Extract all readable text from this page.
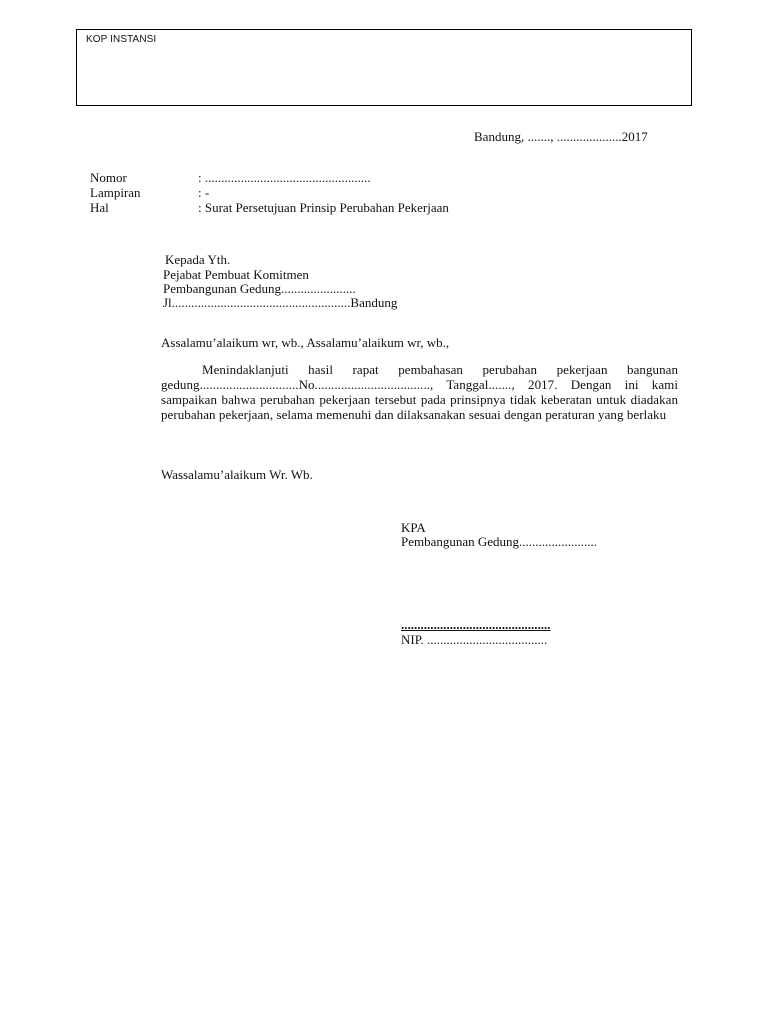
KOP INSTANSI
Bandung, ......., ....................2017
Nomor	: ...................................................
Lampiran	: -
Hal	: Surat Persetujuan Prinsip Perubahan Pekerjaan
Kepada Yth.
Pejabat Pembuat Komitmen
Pembangunan Gedung.......................
Jl.......................................................Bandung
Assalamu’alaikum wr, wb., Assalamu’alaikum wr, wb.,
Menindaklanjuti hasil rapat pembahasan perubahan pekerjaan bangunan gedung..............................No..................................., Tanggal......., 2017. Dengan ini kami sampaikan bahwa perubahan pekerjaan tersebut pada prinsipnya tidak keberatan untuk diadakan perubahan pekerjaan, selama memenuhi dan dilaksanakan sesuai dengan peraturan yang berlaku
Wassalamu’alaikum Wr. Wb.
KPA
Pembangunan Gedung........................
..............................................
NIP. .....................................
